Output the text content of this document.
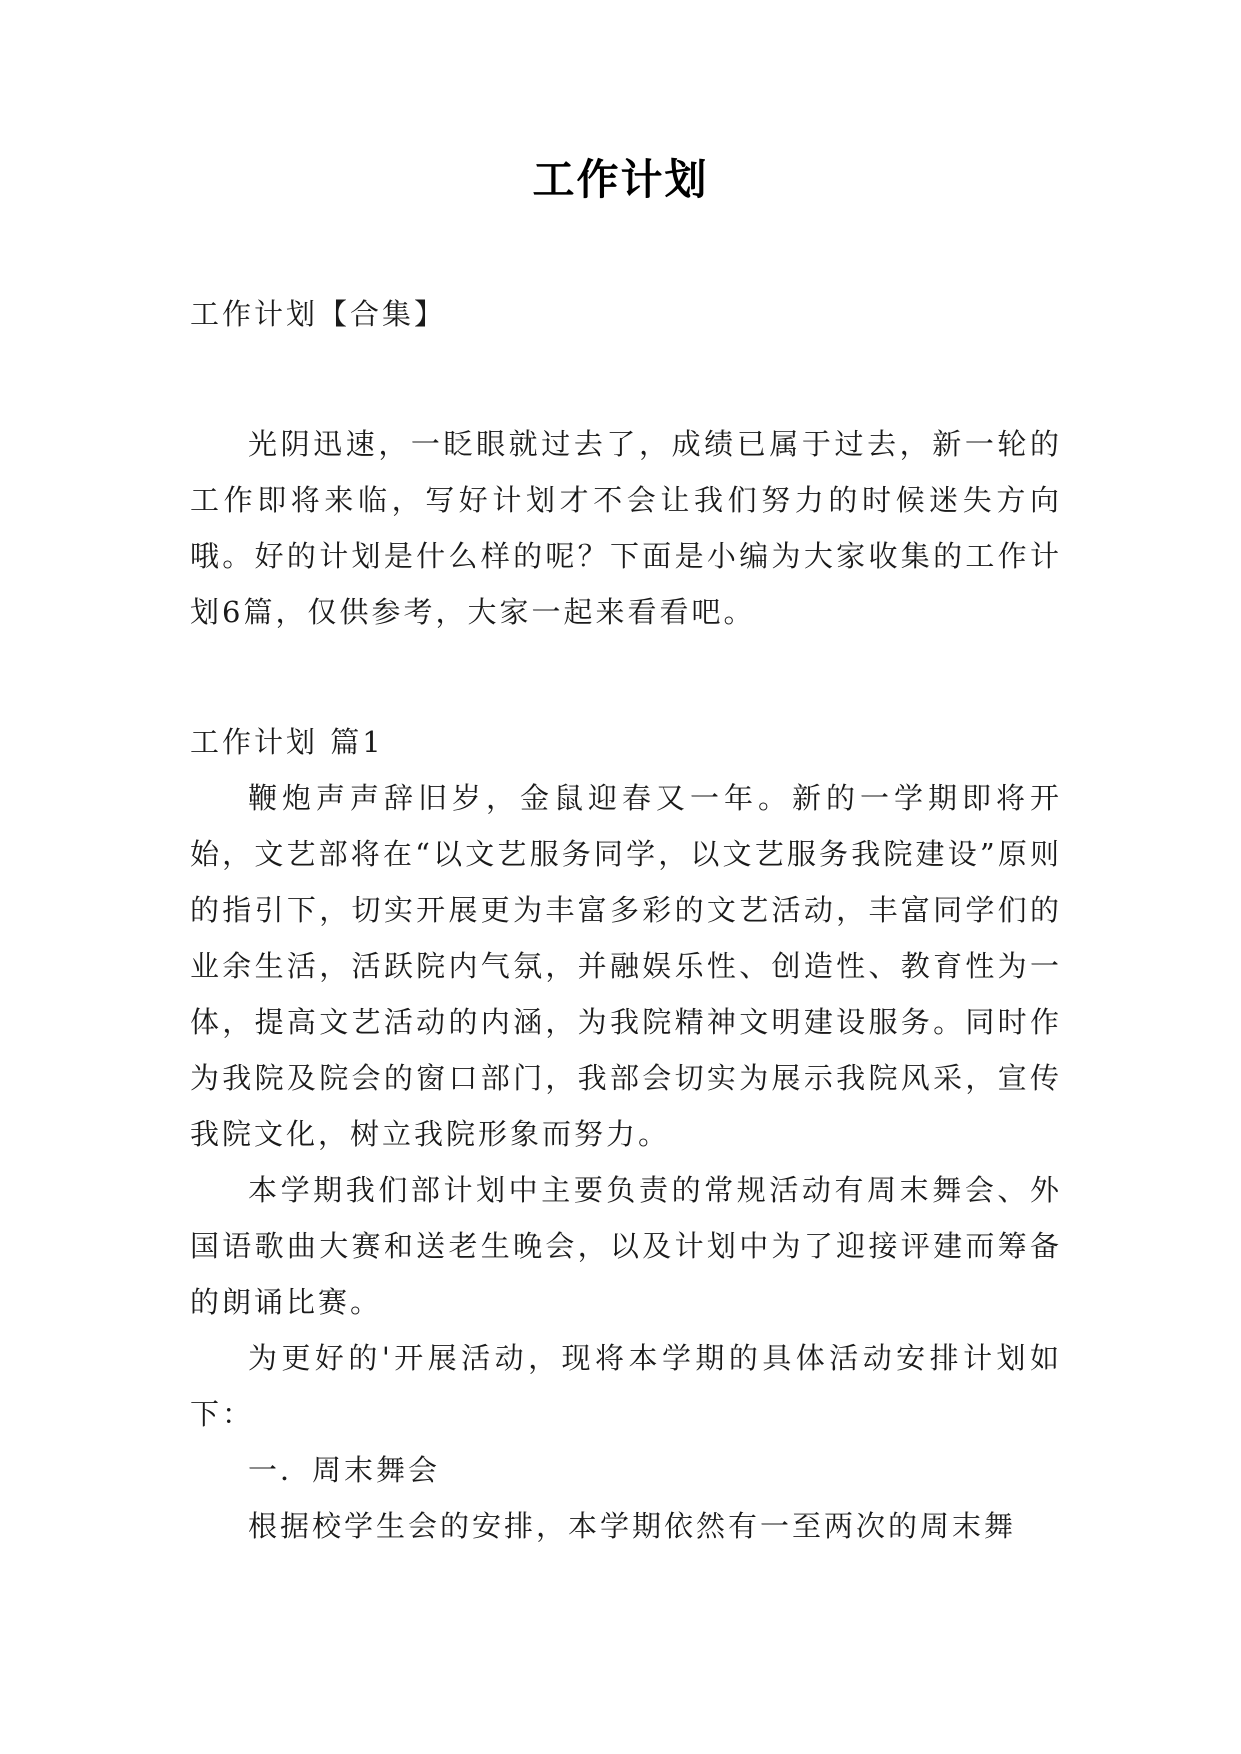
工作计划

工作计划【合集】

光阴迅速，一眨眼就过去了，成绩已属于过去，新一轮的工作即将来临，写好计划才不会让我们努力的时候迷失方向哦。好的计划是什么样的呢？下面是小编为大家收集的工作计划6篇，仅供参考，大家一起来看看吧。

工作计划 篇1

鞭炮声声辞旧岁，金鼠迎春又一年。新的一学期即将开始，文艺部将在“以文艺服务同学，以文艺服务我院建设”原则的指引下，切实开展更为丰富多彩的文艺活动，丰富同学们的业余生活，活跃院内气氛，并融娱乐性、创造性、教育性为一体，提高文艺活动的内涵，为我院精神文明建设服务。同时作为我院及院会的窗口部门，我部会切实为展示我院风采，宣传我院文化，树立我院形象而努力。

本学期我们部计划中主要负责的常规活动有周末舞会、外国语歌曲大赛和送老生晚会，以及计划中为了迎接评建而筹备的朗诵比赛。

为更好的'开展活动，现将本学期的具体活动安排计划如下：

一．周末舞会

根据校学生会的安排，本学期依然有一至两次的周末舞
